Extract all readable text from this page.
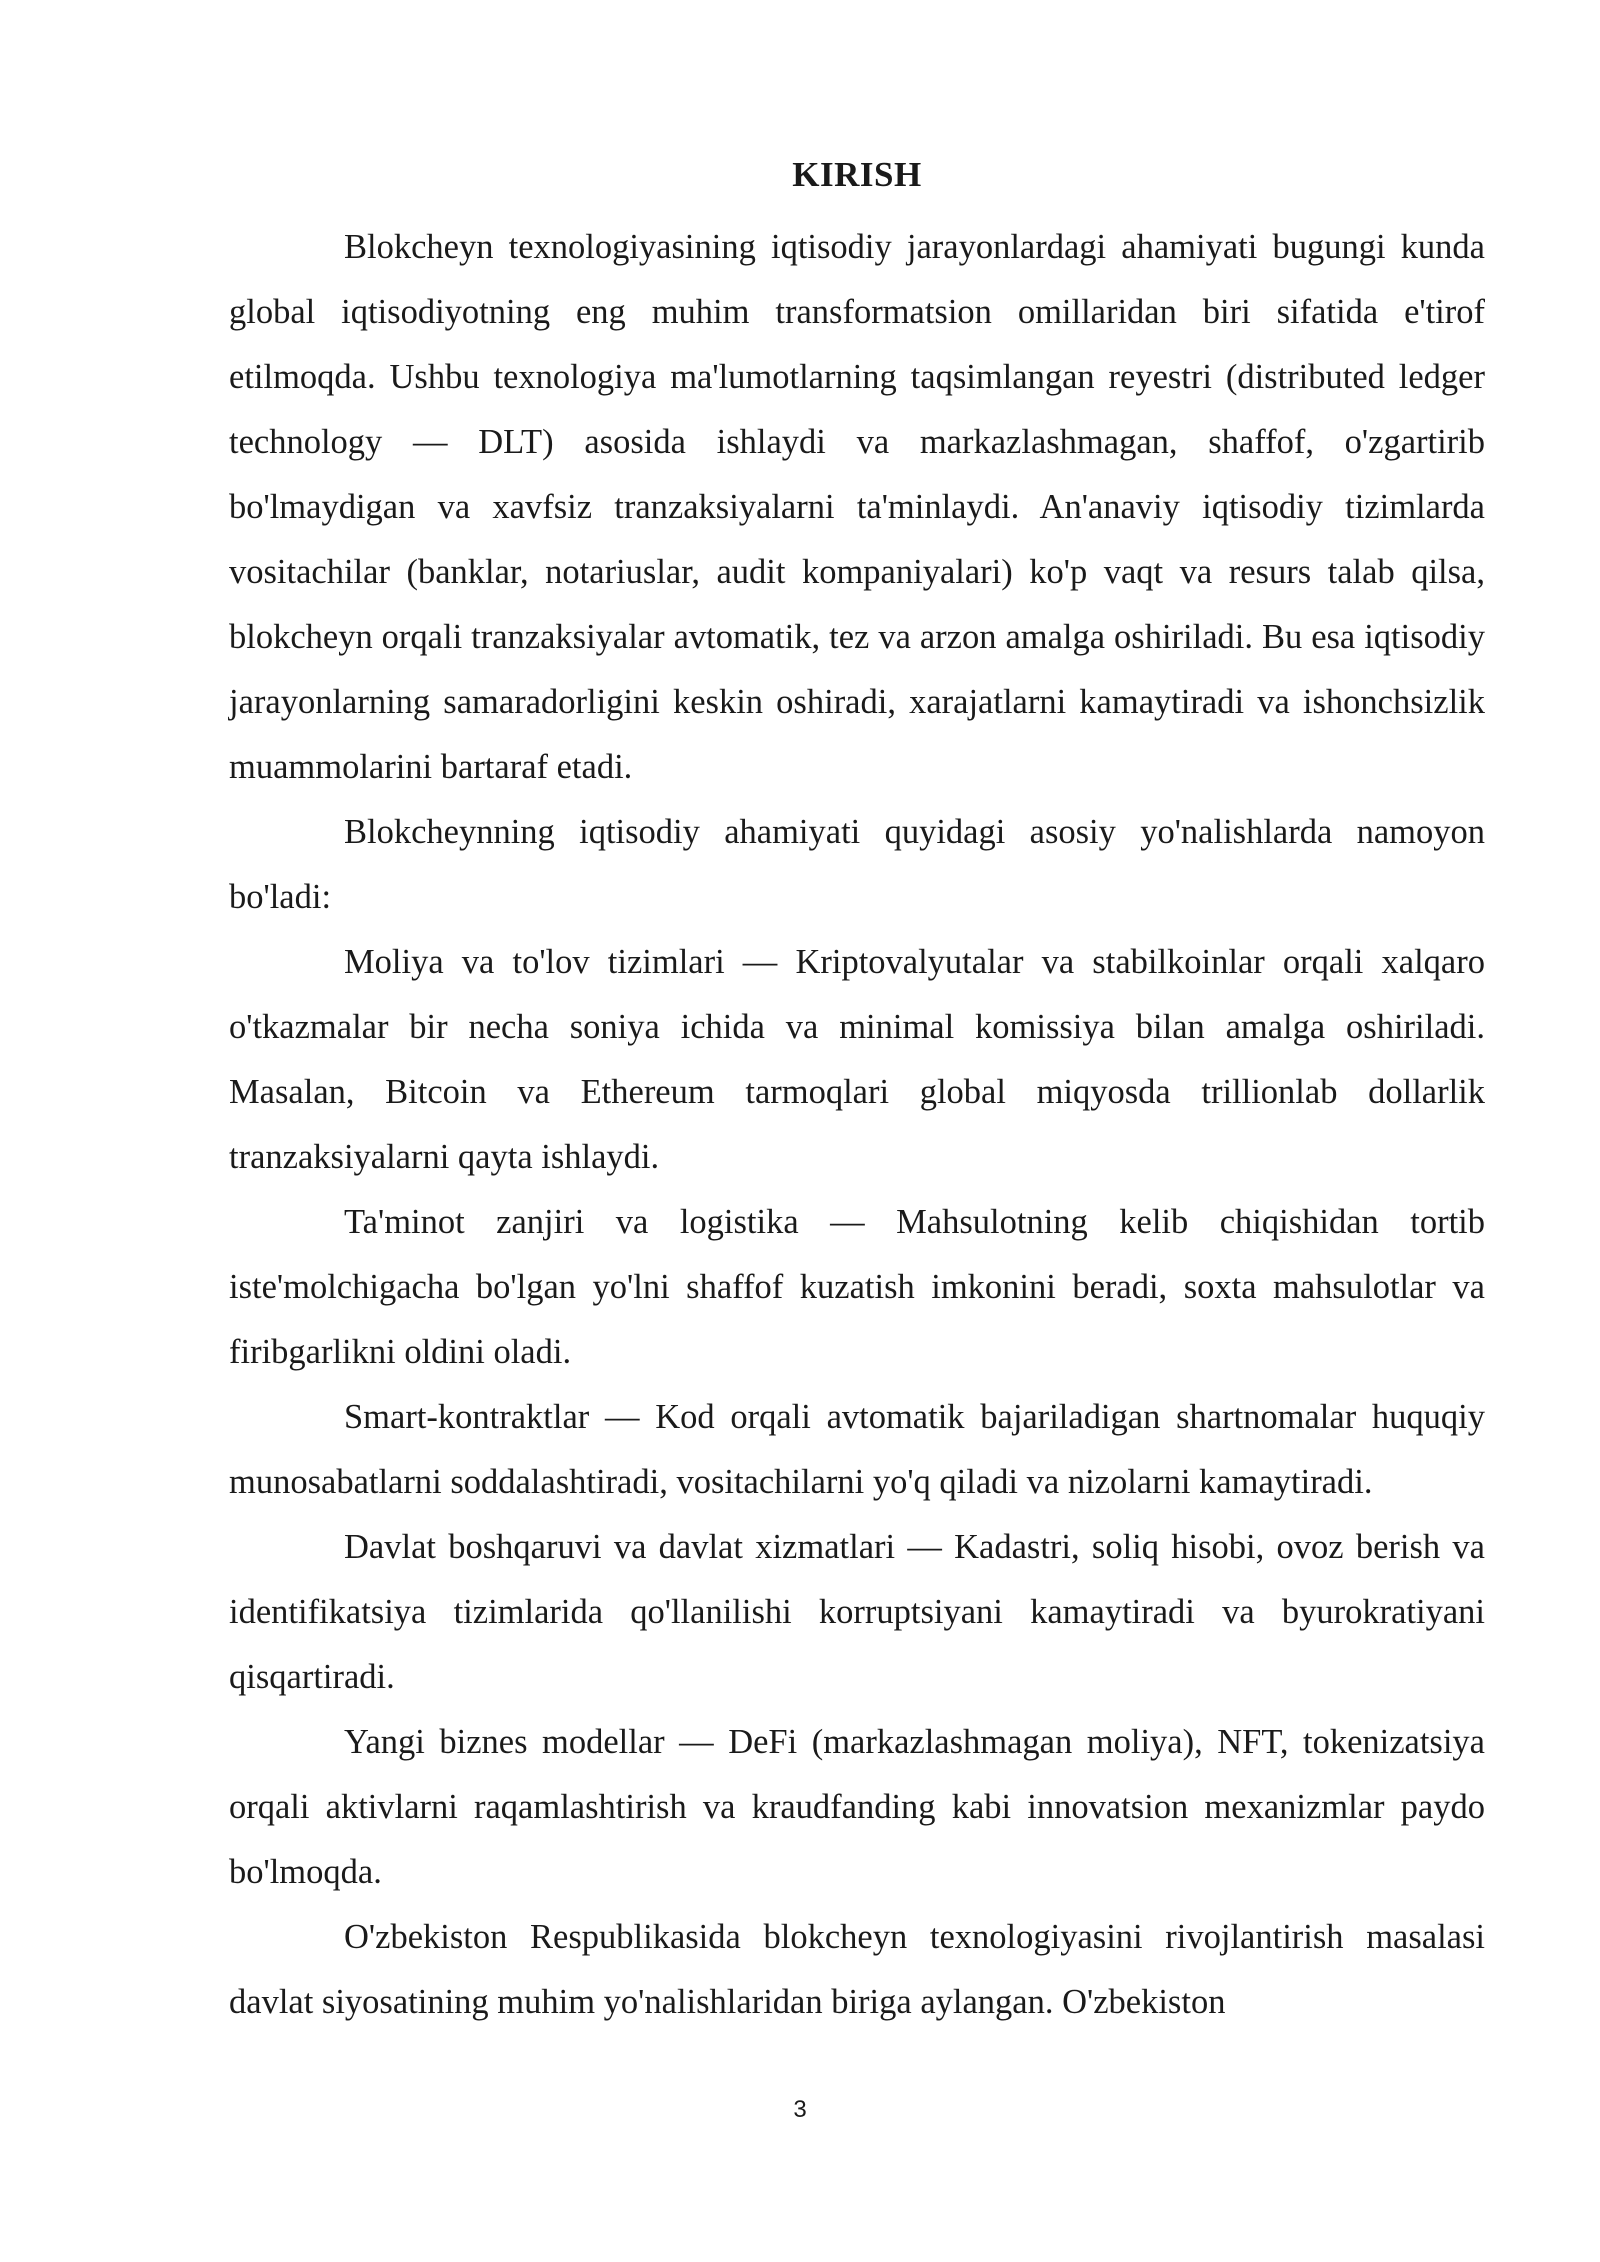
KIRISH

Blokcheyn texnologiyasining iqtisodiy jarayonlardagi ahamiyati bugungi kunda global iqtisodiyotning eng muhim transformatsion omillaridan biri sifatida e'tirof etilmoqda. Ushbu texnologiya ma'lumotlarning taqsimlangan reyestri (distributed ledger technology — DLT) asosida ishlaydi va markazlashmagan, shaffof, o'zgartirib bo'lmaydigan va xavfsiz tranzaksiyalarni ta'minlaydi. An'anaviy iqtisodiy tizimlarda vositachilar (banklar, notariuslar, audit kompaniyalari) ko'p vaqt va resurs talab qilsa, blokcheyn orqali tranzaksiyalar avtomatik, tez va arzon amalga oshiriladi. Bu esa iqtisodiy jarayonlarning samaradorligini keskin oshiradi, xarajatlarni kamaytiradi va ishonchsizlik muammolarini bartaraf etadi.

Blokcheynning iqtisodiy ahamiyati quyidagi asosiy yo'nalishlarda namoyon bo'ladi:

Moliya va to'lov tizimlari — Kriptovalyutalar va stabilkoinlar orqali xalqaro o'tkazmalar bir necha soniya ichida va minimal komissiya bilan amalga oshiriladi. Masalan, Bitcoin va Ethereum tarmoqlari global miqyosda trillionlab dollarlik tranzaksiyalarni qayta ishlaydi.

Ta'minot zanjiri va logistika — Mahsulotning kelib chiqishidan tortib iste'molchigacha bo'lgan yo'lni shaffof kuzatish imkonini beradi, soxta mahsulotlar va firibgarlikni oldini oladi.

Smart-kontraktlar — Kod orqali avtomatik bajariladigan shartnomalar huquqiy munosabatlarni soddalashtiradi, vositachilarni yo'q qiladi va nizolarni kamaytiradi.

Davlat boshqaruvi va davlat xizmatlari — Kadastri, soliq hisobi, ovoz berish va identifikatsiya tizimlarida qo'llanilishi korruptsiyani kamaytiradi va byurokratiyani qisqartiradi.

Yangi biznes modellar — DeFi (markazlashmagan moliya), NFT, tokenizatsiya orqali aktivlarni raqamlashtirish va kraudfanding kabi innovatsion mexanizmlar paydo bo'lmoqda.

O'zbekiston Respublikasida blokcheyn texnologiyasini rivojlantirish masalasi davlat siyosatining muhim yo'nalishlaridan biriga aylangan. O'zbekiston

3
